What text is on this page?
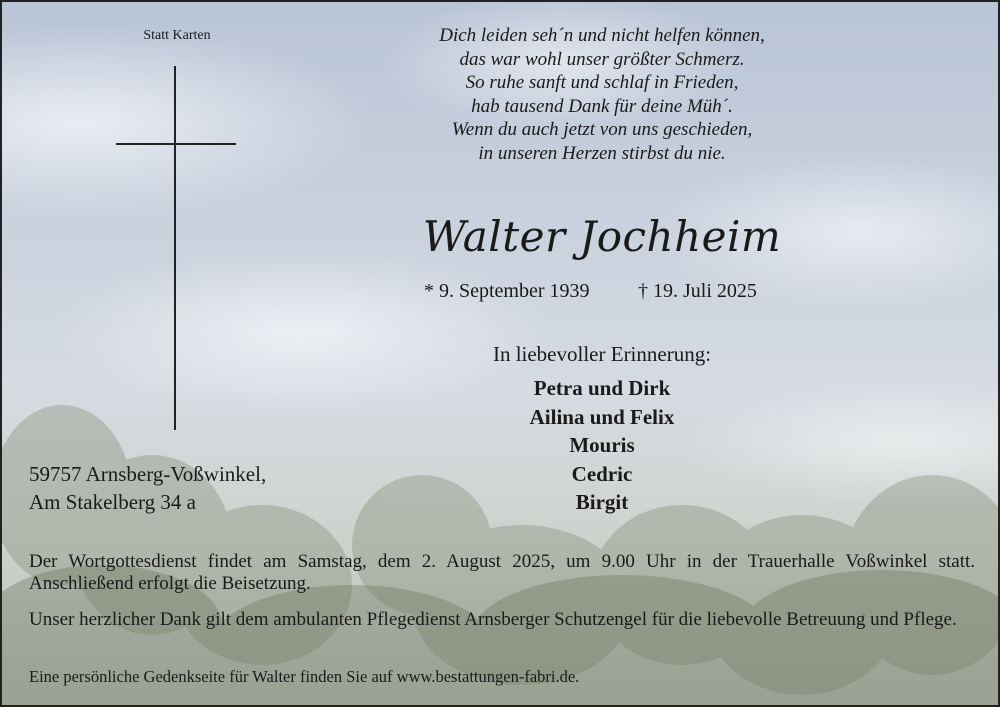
Statt Karten	Dich leiden seh´n und nicht helfen können,
das war wohl unser größter Schmerz.
So ruhe sanft und schlaf in Frieden,
hab tausend Dank für deine Müh´.
Wenn du auch jetzt von uns geschieden,
in unseren Herzen stirbst du nie.
Walter Jochheim
* 9. September 1939 † 19. Juli 2025
In liebevoller Erinnerung:
Petra und Dirk
Ailina und Felix
Mouris
Cedric
Birgit
59757 Arnsberg-Voßwinkel,
Am Stakelberg 34 a
Der Wortgottesdienst findet am Samstag, dem 2. August 2025, um 9.00 Uhr in der Trauerhalle Voßwinkel statt. Anschließend erfolgt die Beisetzung.
Unser herzlicher Dank gilt dem ambulanten Pflegedienst Arnsberger Schutzengel für die liebevolle Betreuung und Pflege.
Eine persönliche Gedenkseite für Walter finden Sie auf www.bestattungen-fabri.de.
